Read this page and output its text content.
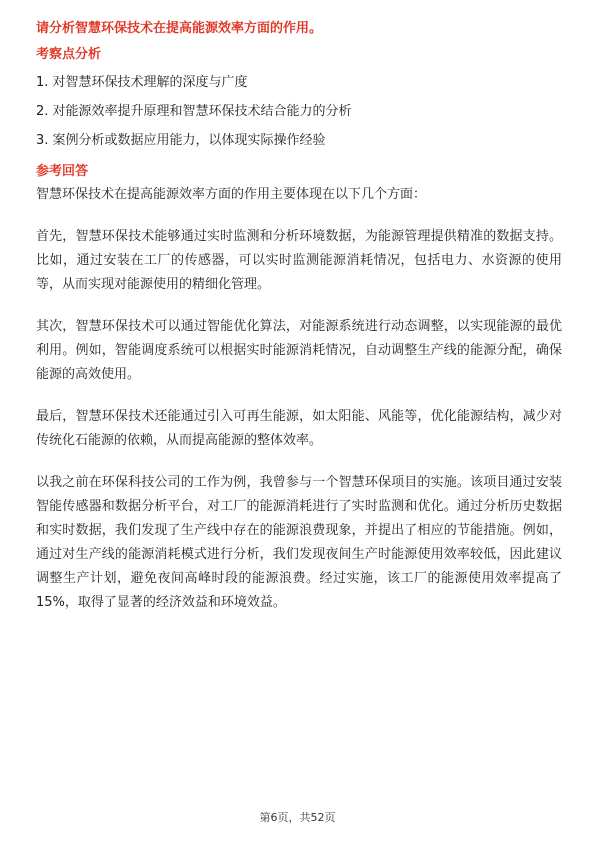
请分析智慧环保技术在提高能源效率方面的作用。

考察点分析

1. 对智慧环保技术理解的深度与广度
2. 对能源效率提升原理和智慧环保技术结合能力的分析
3. 案例分析或数据应用能力，以体现实际操作经验

参考回答

智慧环保技术在提高能源效率方面的作用主要体现在以下几个方面：

首先，智慧环保技术能够通过实时监测和分析环境数据，为能源管理提供精准的数据支持。比如，通过安装在工厂的传感器，可以实时监测能源消耗情况，包括电力、水资源的使用等，从而实现对能源使用的精细化管理。

其次，智慧环保技术可以通过智能优化算法，对能源系统进行动态调整，以实现能源的最优利用。例如，智能调度系统可以根据实时能源消耗情况，自动调整生产线的能源分配，确保能源的高效使用。

最后，智慧环保技术还能通过引入可再生能源，如太阳能、风能等，优化能源结构，减少对传统化石能源的依赖，从而提高能源的整体效率。

以我之前在环保科技公司的工作为例，我曾参与一个智慧环保项目的实施。该项目通过安装智能传感器和数据分析平台，对工厂的能源消耗进行了实时监测和优化。通过分析历史数据和实时数据，我们发现了生产线中存在的能源浪费现象，并提出了相应的节能措施。例如，通过对生产线的能源消耗模式进行分析，我们发现夜间生产时能源使用效率较低，因此建议调整生产计划，避免夜间高峰时段的能源浪费。经过实施，该工厂的能源使用效率提高了15%，取得了显著的经济效益和环境效益。

第6页，共52页
